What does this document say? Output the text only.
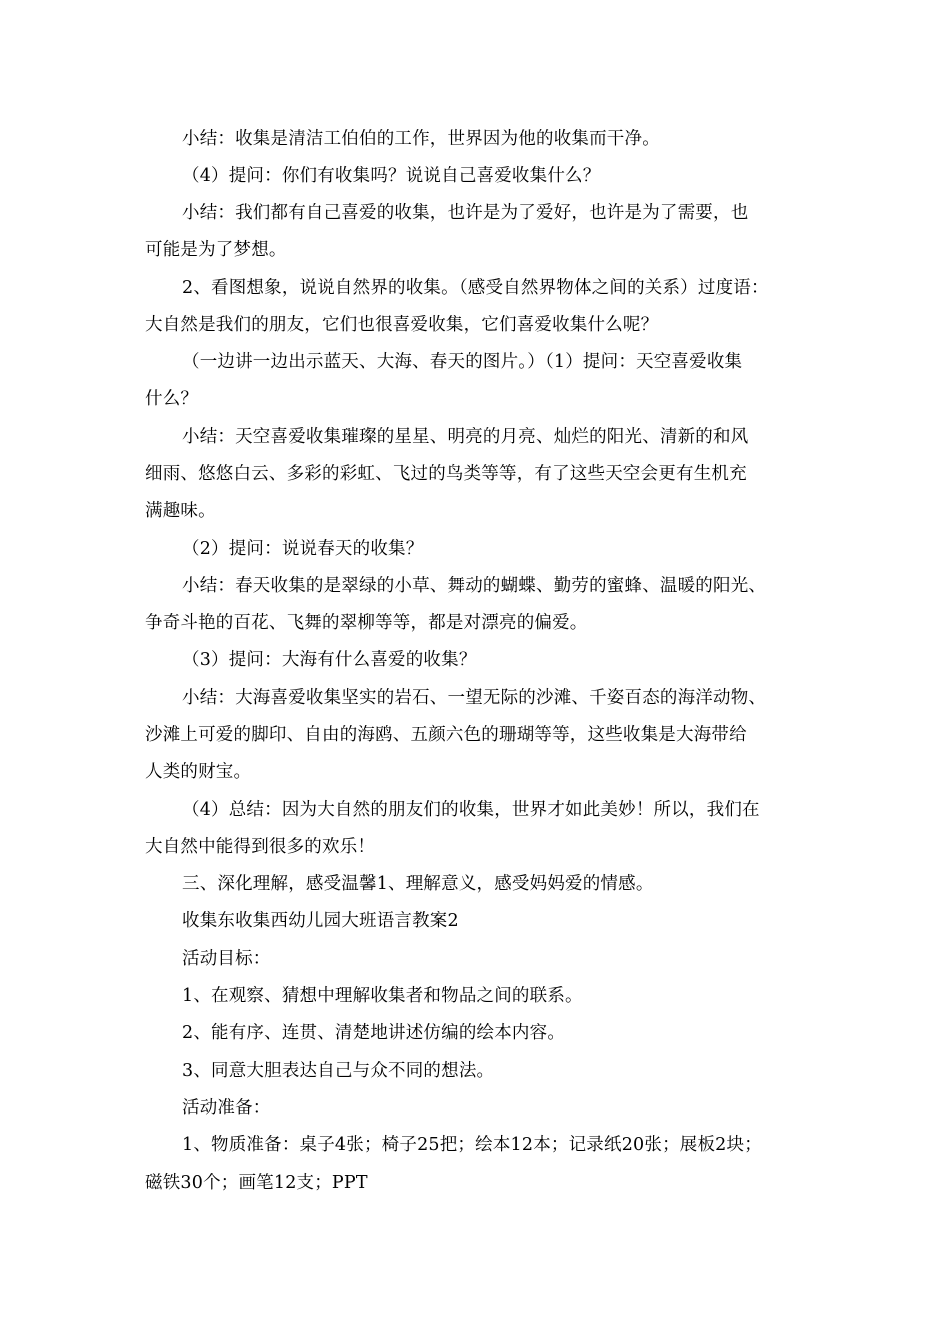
小结：收集是清洁工伯伯的工作，世界因为他的收集而干净。
（4）提问：你们有收集吗？说说自己喜爱收集什么？
小结：我们都有自己喜爱的收集，也许是为了爱好，也许是为了需要，也
可能是为了梦想。
2、看图想象，说说自然界的收集。（感受自然界物体之间的关系）过度语：
大自然是我们的朋友，它们也很喜爱收集，它们喜爱收集什么呢？
（一边讲一边出示蓝天、大海、春天的图片。）（1）提问：天空喜爱收集
什么？
小结：天空喜爱收集璀璨的星星、明亮的月亮、灿烂的阳光、清新的和风
细雨、悠悠白云、多彩的彩虹、飞过的鸟类等等，有了这些天空会更有生机充
满趣味。
（2）提问：说说春天的收集？
小结：春天收集的是翠绿的小草、舞动的蝴蝶、勤劳的蜜蜂、温暖的阳光、
争奇斗艳的百花、飞舞的翠柳等等，都是对漂亮的偏爱。
（3）提问：大海有什么喜爱的收集？
小结：大海喜爱收集坚实的岩石、一望无际的沙滩、千姿百态的海洋动物、
沙滩上可爱的脚印、自由的海鸥、五颜六色的珊瑚等等，这些收集是大海带给
人类的财宝。
（4）总结：因为大自然的朋友们的收集，世界才如此美妙！所以，我们在
大自然中能得到很多的欢乐！
三、深化理解，感受温馨1、理解意义，感受妈妈爱的情感。
收集东收集西幼儿园大班语言教案2
活动目标：
1、在观察、猜想中理解收集者和物品之间的联系。
2、能有序、连贯、清楚地讲述仿编的绘本内容。
3、同意大胆表达自己与众不同的想法。
活动准备：
1、物质准备：桌子4张；椅子25把；绘本12本；记录纸20张；展板2块；
磁铁30个；画笔12支；PPT
